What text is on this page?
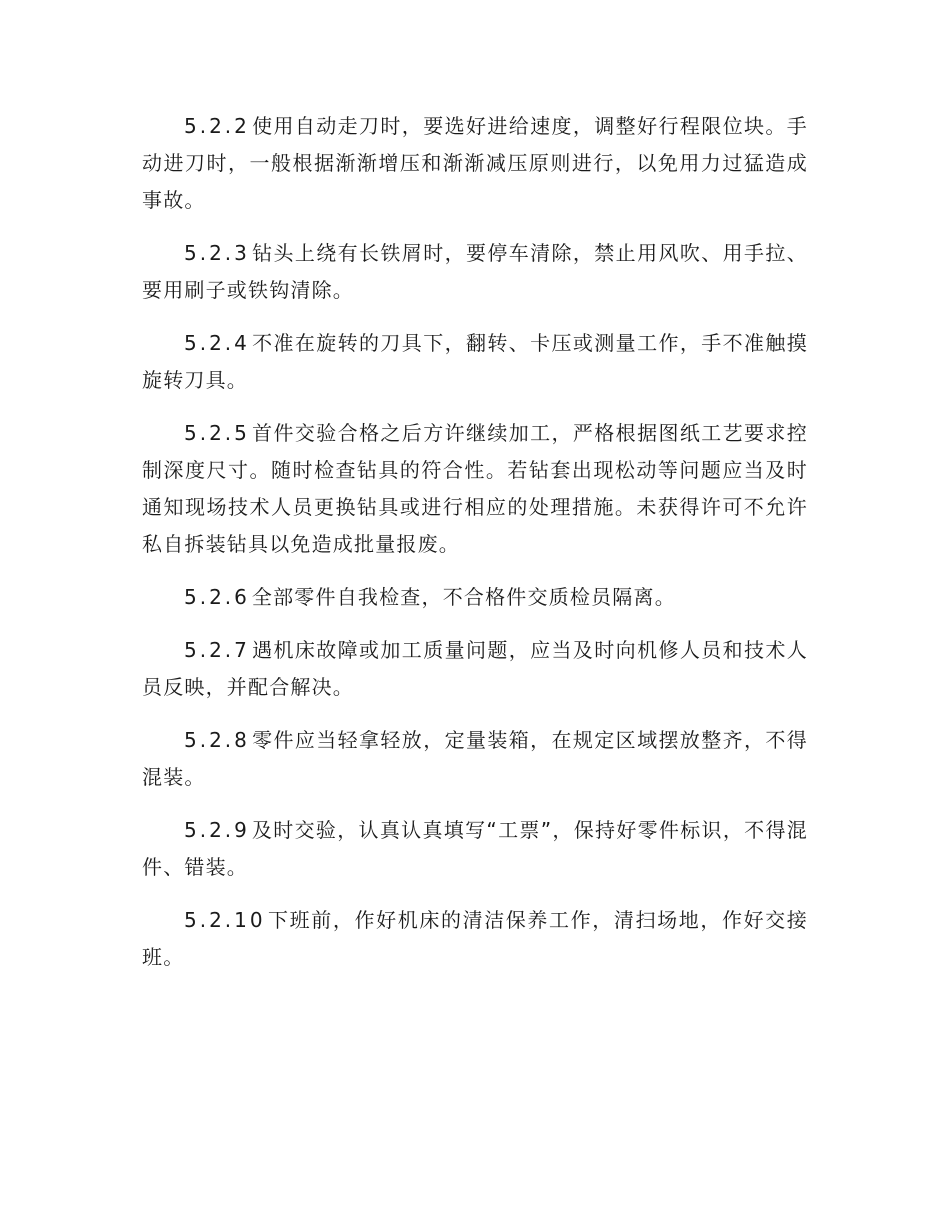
5.2.2 使用自动走刀时，要选好进给速度，调整好行程限位块。手动进刀时，一般根据渐渐增压和渐渐减压原则进行，以免用力过猛造成事故。

5.2.3 钻头上绕有长铁屑时，要停车清除，禁止用风吹、用手拉、要用刷子或铁钩清除。

5.2.4 不准在旋转的刀具下，翻转、卡压或测量工作，手不准触摸旋转刀具。

5.2.5 首件交验合格之后方许继续加工，严格根据图纸工艺要求控制深度尺寸。随时检查钻具的符合性。若钻套出现松动等问题应当及时通知现场技术人员更换钻具或进行相应的处理措施。未获得许可不允许私自拆装钻具以免造成批量报废。

5.2.6 全部零件自我检查，不合格件交质检员隔离。

5.2.7 遇机床故障或加工质量问题，应当及时向机修人员和技术人员反映，并配合解决。

5.2.8 零件应当轻拿轻放，定量装箱，在规定区域摆放整齐，不得混装。

5.2.9 及时交验，认真认真填写“工票”，保持好零件标识，不得混件、错装。

5.2.10 下班前，作好机床的清洁保养工作，清扫场地，作好交接班。
